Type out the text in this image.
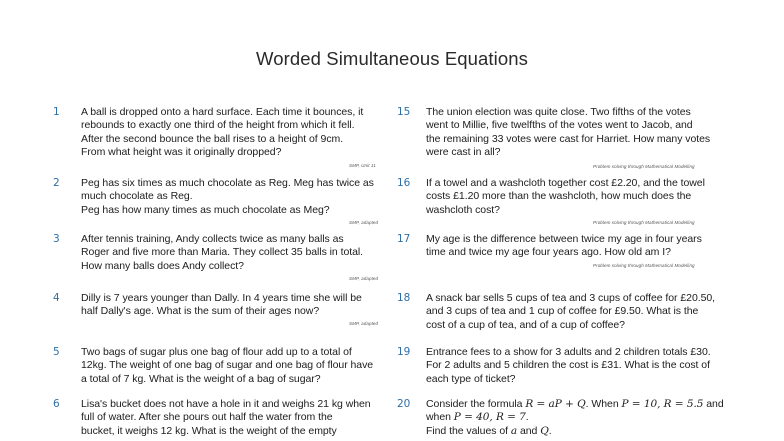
Worded Simultaneous Equations
1 A ball is dropped onto a hard surface. Each time it bounces, it
rebounds to exactly one third of the height from which it fell.
After the second bounce the ball rises to a height of 9cm.
From what height was it originally dropped?
SMP, Unit 11
2 Peg has six times as much chocolate as Reg. Meg has twice as
much chocolate as Reg.
Peg has how many times as much chocolate as Meg?
SMP, adapted
3 After tennis training, Andy collects twice as many balls as
Roger and five more than Maria. They collect 35 balls in total.
How many balls does Andy collect?
SMP, adapted
4 Dilly is 7 years younger than Dally. In 4 years time she will be
half Dally's age. What is the sum of their ages now?
SMP, adapted
5 Two bags of sugar plus one bag of flour add up to a total of
12kg. The weight of one bag of sugar and one bag of flour have
a total of 7 kg. What is the weight of a bag of sugar?
6 Lisa's bucket does not have a hole in it and weighs 21 kg when
full of water. After she pours out half the water from the
bucket, it weighs 12 kg. What is the weight of the empty
15 The union election was quite close. Two fifths of the votes
went to Millie, five twelfths of the votes went to Jacob, and
the remaining 33 votes were cast for Harriet. How many votes
were cast in all?
Problem solving through Mathematical Modelling
16 If a towel and a washcloth together cost £2.20, and the towel
costs £1.20 more than the washcloth, how much does the
washcloth cost?
Problem solving through Mathematical Modelling
17 My age is the difference between twice my age in four years
time and twice my age four years ago. How old am I?
Problem solving through Mathematical Modelling
18 A snack bar sells 5 cups of tea and 3 cups of coffee for £20.50,
and 3 cups of tea and 1 cup of coffee for £9.50. What is the
cost of a cup of tea, and of a cup of coffee?
19 Entrance fees to a show for 3 adults and 2 children totals £30.
For 2 adults and 5 children the cost is £31. What is the cost of
each type of ticket?
20 Consider the formula R = aP + Q. When P = 10, R = 5.5 and
when P = 40, R = 7.
Find the values of a and Q.
